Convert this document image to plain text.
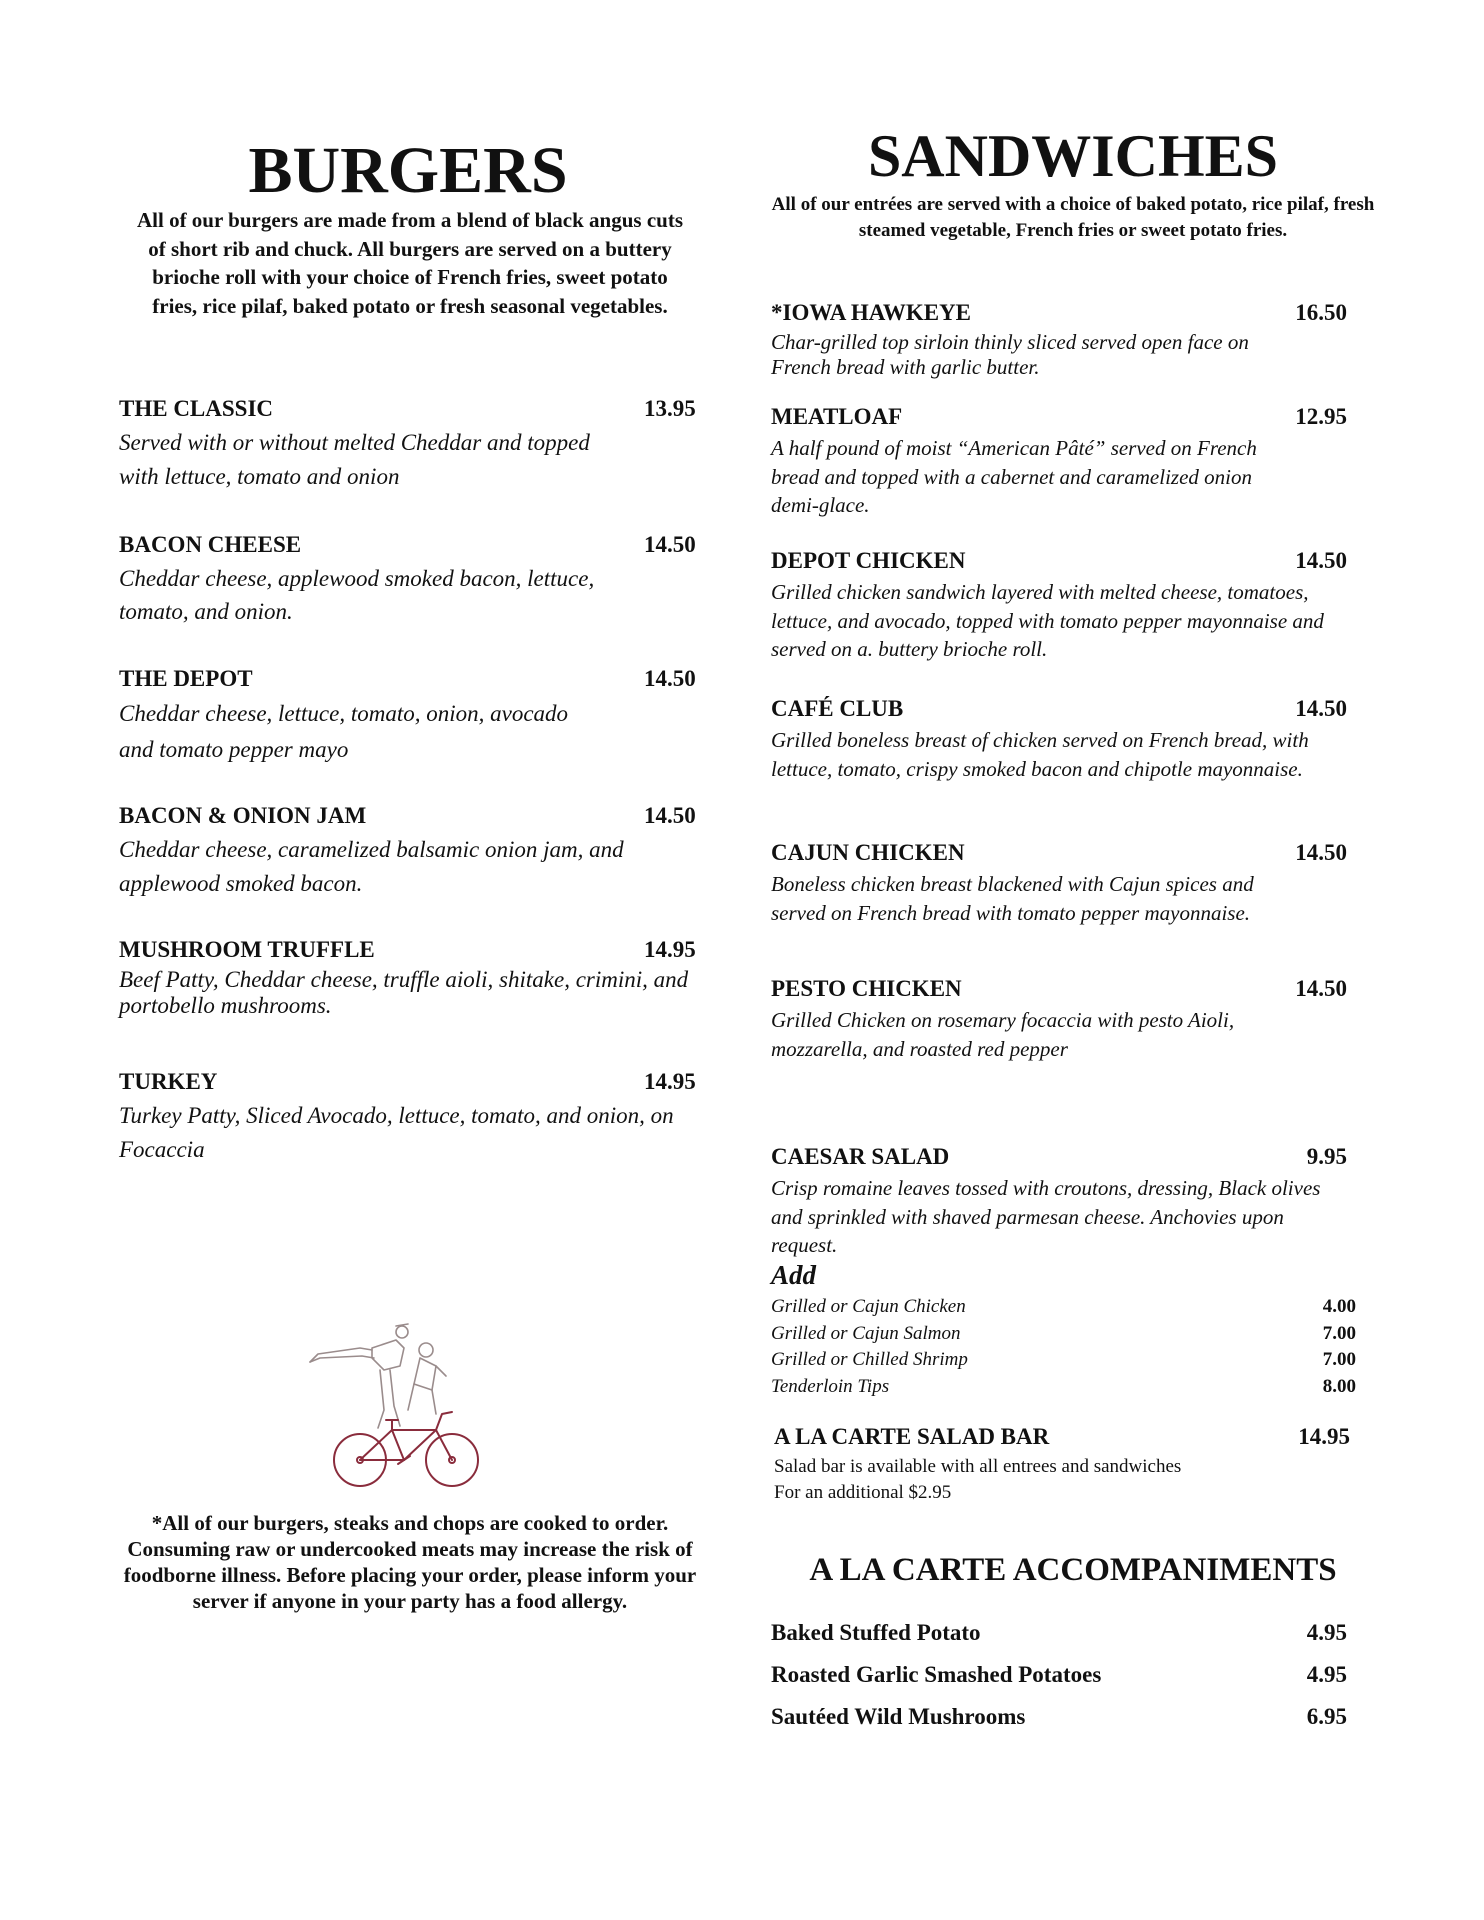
BURGERS
All of our burgers are made from a blend of black angus cuts of short rib and chuck. All burgers are served on a buttery brioche roll with your choice of French fries, sweet potato fries, rice pilaf, baked potato or fresh seasonal vegetables.
THE CLASSIC	13.95
Served with or without melted Cheddar and topped with lettuce, tomato and onion
BACON CHEESE	14.50
Cheddar cheese, applewood smoked bacon, lettuce, tomato, and onion.
THE DEPOT	14.50
Cheddar cheese, lettuce, tomato, onion, avocado and tomato pepper mayo
BACON & ONION JAM	14.50
Cheddar cheese, caramelized balsamic onion jam, and applewood smoked bacon.
MUSHROOM TRUFFLE	14.95
Beef Patty, Cheddar cheese, truffle aioli, shitake, crimini, and portobello mushrooms.
TURKEY	14.95
Turkey Patty, Sliced Avocado, lettuce, tomato, and onion, on Focaccia
*All of our burgers, steaks and chops are cooked to order. Consuming raw or undercooked meats may increase the risk of foodborne illness. Before placing your order, please inform your server if anyone in your party has a food allergy.
SANDWICHES
All of our entrées are served with a choice of baked potato, rice pilaf, fresh steamed vegetable, French fries or sweet potato fries.
*IOWA HAWKEYE	16.50
Char-grilled top sirloin thinly sliced served open face on French bread with garlic butter.
MEATLOAF	12.95
A half pound of moist “American Pâté” served on French bread and topped with a cabernet and caramelized onion demi-glace.
DEPOT CHICKEN	14.50
Grilled chicken sandwich layered with melted cheese, tomatoes, lettuce, and avocado, topped with tomato pepper mayonnaise and served on a. buttery brioche roll.
CAFÉ CLUB	14.50
Grilled boneless breast of chicken served on French bread, with lettuce, tomato, crispy smoked bacon and chipotle mayonnaise.
CAJUN CHICKEN	14.50
Boneless chicken breast blackened with Cajun spices and served on French bread with tomato pepper mayonnaise.
PESTO CHICKEN	14.50
Grilled Chicken on rosemary focaccia with pesto Aioli, mozzarella, and roasted red pepper
CAESAR SALAD	9.95
Crisp romaine leaves tossed with croutons, dressing, Black olives and sprinkled with shaved parmesan cheese. Anchovies upon request.
Add
Grilled or Cajun Chicken	4.00
Grilled or Cajun Salmon	7.00
Grilled or Chilled Shrimp	7.00
Tenderloin Tips	8.00
A LA CARTE SALAD BAR	14.95
Salad bar is available with all entrees and sandwiches
For an additional $2.95
A LA CARTE ACCOMPANIMENTS
Baked Stuffed Potato	4.95
Roasted Garlic Smashed Potatoes	4.95
Sautéed Wild Mushrooms	6.95
